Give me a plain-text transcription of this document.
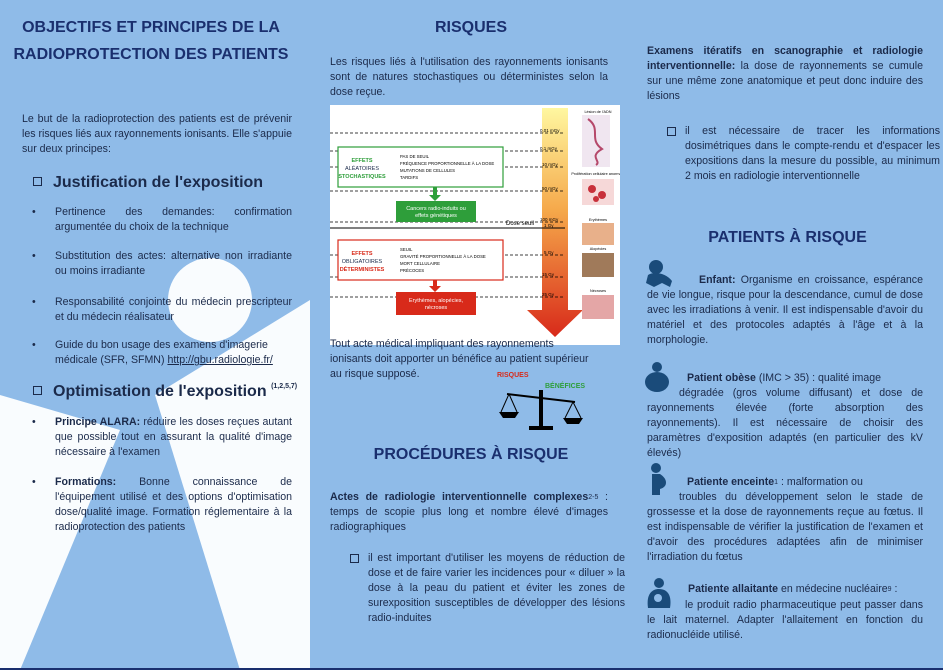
OBJECTIFS ET PRINCIPES DE LA RADIOPROTECTION DES PATIENTS

Le but de la radioprotection des patients est de prévenir les risques liés aux rayonnements ionisants. Elle s'appuie sur deux principes:

Justification de l'exposition

• Pertinence des demandes: confirmation argumentée du choix de la technique

• Substitution des actes: alternative non irradiante ou moins irradiante

• Responsabilité conjointe du médecin prescripteur et du médecin réalisateur

• Guide du bon usage des examens d'imagerie médicale (SFR, SFMN) http://gbu.radiologie.fr/

Optimisation de l'exposition $^{(1,2,5,7)}$

• Principe ALARA: réduire les doses reçues autant que possible tout en assurant la qualité d'image nécessaire à l'examen

• Formations: Bonne connaissance de l'équipement utilisé et des options d'optimisation dose/qualité image. Formation réglementaire à la radioprotection des patients

RISQUES

Les risques liés à l'utilisation des rayonnements ionisants sont de natures stochastiques ou déterministes selon la dose reçue.

0,01 mGy
0,1 mGy
10 mGy
50 mGy
100 mGy
5 Gy
15 Gy
25 Gy
1 Gy
Dose seuil
EFFETS
ALÉATOIRES
STOCHASTIQUES
PAS DE SEUIL
FRÉQUENCE PROPORTIONNELLE À LA DOSE
MUTATIONS DE CELLULES
TARDIFS
Cancers radio-induits ou effets génétiques
EFFETS
OBLIGATOIRES
DÉTERMINISTES
SEUIL
GRAVITÉ PROPORTIONNELLE À LA DOSE
MORT CELLULAIRE
PRÉCOCES
Erythèmes, alopécies, nécroses
Lésion de l'ADN
Prolifération cellulaire anormale
Erythèmes
Alopécies
Nécroses

Tout acte médical impliquant des rayonnements ionisants doit apporter un bénéfice au patient supérieur au risque supposé.	RISQUES
BÉNÉFICES
PROCÉDURES À RISQUE

Actes de radiologie interventionnelle complexes$^{2-5}$ : temps de scopie plus long et nombre élevé d'images radiographiques

il est important d'utiliser les moyens de réduction de dose et de faire varier les incidences pour « diluer » la dose à la peau du patient et éviter les zones de surexposition susceptibles de développer des lésions radio-induites

Examens itératifs en scanographie et radiologie interventionnelle: la dose de rayonnements se cumule sur une même zone anatomique et peut donc induire des lésions

il est nécessaire de tracer les informations dosimétriques dans le compte-rendu et d'espacer les expositions dans la mesure du possible, au minimum 2 mois en radiologie interventionnelle

PATIENTS À RISQUE

Enfant: Organisme en croissance, espérance de vie longue, risque pour la descendance, cumul de dose avec les irradiations à venir. Il est indispensable d'avoir du matériel et des protocoles adaptés à l'âge et à la morphologie.

Patient obèse (IMC > 35) : qualité image

dégradée (gros volume diffusant) et dose de rayonnements élevée (forte absorption des rayonnements). Il est nécessaire de choisir des paramètres d'exposition adaptés (en particulier des kV élevés)

Patiente enceinte$^1$ : malformation ou

troubles du développement selon le stade de grossesse et la dose de rayonnements reçue au fœtus. Il est indispensable de vérifier la justification de l'examen et d'avoir des procédures adaptées afin de minimiser l'irradiation du fœtus

Patiente allaitante en médecine nucléaire$^9$ :

le produit radio pharmaceutique peut passer dans le lait maternel. Adapter l'allaitement en fonction du radionucléide utilisé.
